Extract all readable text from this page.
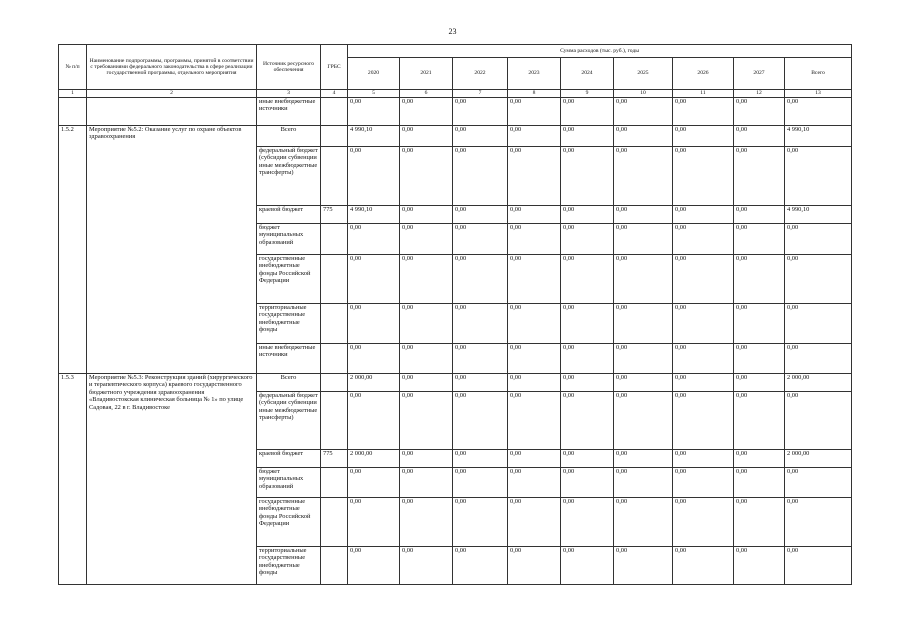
23
№ п/п	Наименование подпрограммы, программы, принятой в соответствии с требованиями федерального законодательства в сфере реализации государственной программы, отдельного мероприятия	Источник ресурсного обеспечения	ГРБС	Сумма расходов (тыс. руб.), годы								
				2020	2021	2022	2023	2024	2025	2026	2027	Всего
1	2	3	4	5	6	7	8	9	10	11	12	13
		иные внебюджетные источники		0,00	0,00	0,00	0,00	0,00	0,00	0,00	0,00	0,00
1.5.2	Мероприятие №5.2: Оказание услуг по охране объектов здравоохранения	Всего		4 990,10	0,00	0,00	0,00	0,00	0,00	0,00	0,00	4 990,10
		федеральный бюджет (субсидии субвенции иные межбюджетные трансферты)		0,00	0,00	0,00	0,00	0,00	0,00	0,00	0,00	0,00
		краевой бюджет	775	4 990,10	0,00	0,00	0,00	0,00	0,00	0,00	0,00	4 990,10
		бюджет муниципальных образований		0,00	0,00	0,00	0,00	0,00	0,00	0,00	0,00	0,00
		государственные внебюджетные фонды Российской Федерации		0,00	0,00	0,00	0,00	0,00	0,00	0,00	0,00	0,00
		территориальные государственные внебюджетные фонды		0,00	0,00	0,00	0,00	0,00	0,00	0,00	0,00	0,00
		иные внебюджетные источники		0,00	0,00	0,00	0,00	0,00	0,00	0,00	0,00	0,00
1.5.3	Мероприятие №5.3: Реконструкция зданий (хирургического и терапевтического корпуса) краевого государственного бюджетного учреждения здравоохранения «Владивостокская клиническая больница № 1» по улице Садовая, 22 в г. Владивостоке	Всего		2 000,00	0,00	0,00	0,00	0,00	0,00	0,00	0,00	2 000,00
		федеральный бюджет (субсидии субвенции иные межбюджетные трансферты)		0,00	0,00	0,00	0,00	0,00	0,00	0,00	0,00	0,00
		краевой бюджет	775	2 000,00	0,00	0,00	0,00	0,00	0,00	0,00	0,00	2 000,00
		бюджет муниципальных образований		0,00	0,00	0,00	0,00	0,00	0,00	0,00	0,00	0,00
		государственные внебюджетные фонды Российской Федерации		0,00	0,00	0,00	0,00	0,00	0,00	0,00	0,00	0,00
		территориальные государственные внебюджетные фонды		0,00	0,00	0,00	0,00	0,00	0,00	0,00	0,00	0,00
